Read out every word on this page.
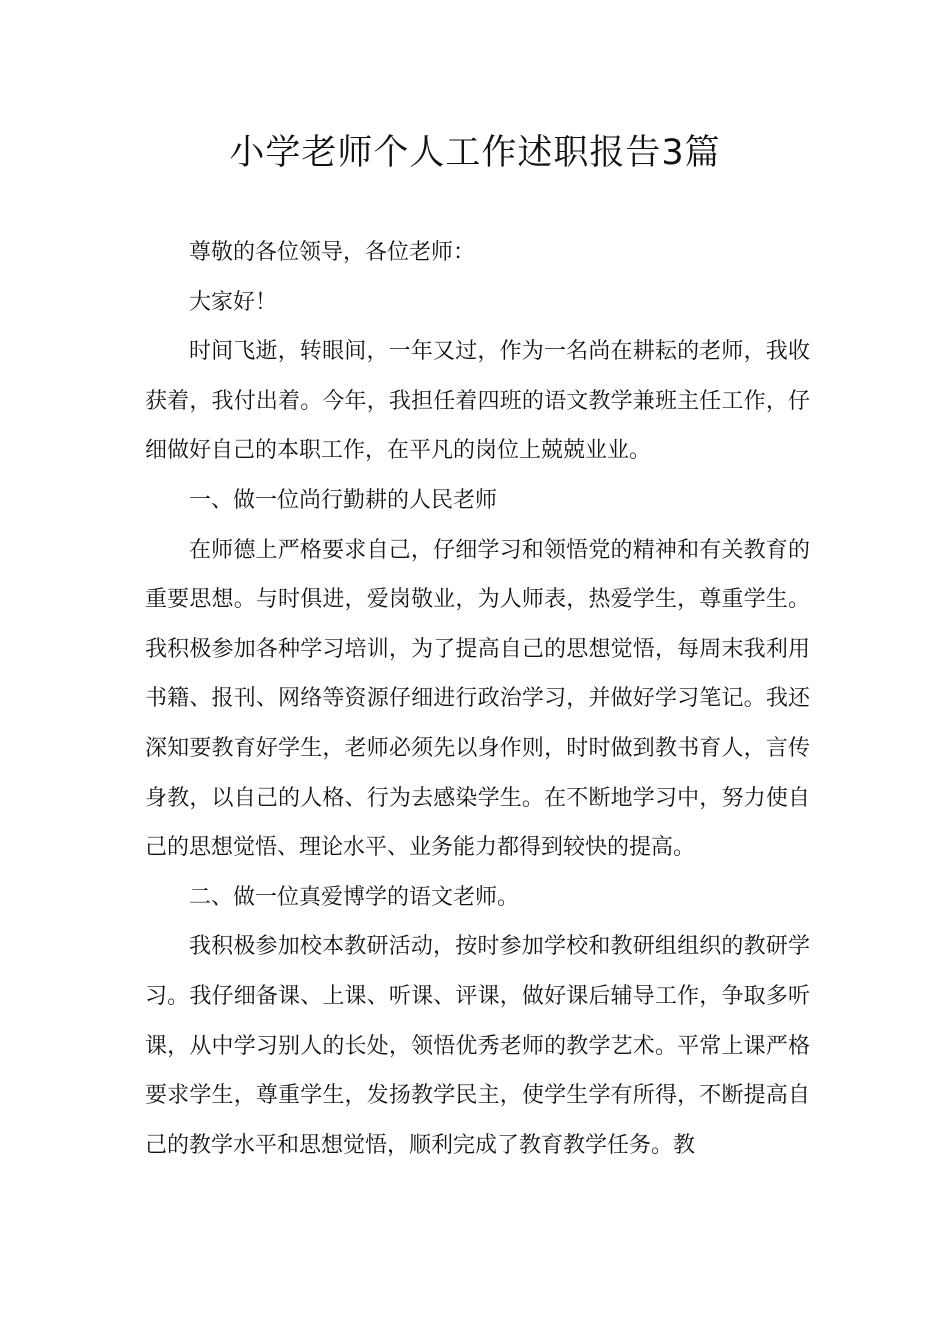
小学老师个人工作述职报告3篇

尊敬的各位领导，各位老师：

大家好！

时间飞逝，转眼间，一年又过，作为一名尚在耕耘的老师，我收获着，我付出着。今年，我担任着四班的语文教学兼班主任工作，仔细做好自己的本职工作，在平凡的岗位上兢兢业业。

一、做一位尚行勤耕的人民老师

在师德上严格要求自己，仔细学习和领悟党的精神和有关教育的重要思想。与时俱进，爱岗敬业，为人师表，热爱学生，尊重学生。我积极参加各种学习培训，为了提高自己的思想觉悟，每周末我利用书籍、报刊、网络等资源仔细进行政治学习，并做好学习笔记。我还深知要教育好学生，老师必须先以身作则，时时做到教书育人，言传身教，以自己的人格、行为去感染学生。在不断地学习中，努力使自己的思想觉悟、理论水平、业务能力都得到较快的提高。

二、做一位真爱博学的语文老师。

我积极参加校本教研活动，按时参加学校和教研组组织的教研学习。我仔细备课、上课、听课、评课，做好课后辅导工作，争取多听课，从中学习别人的长处，领悟优秀老师的教学艺术。平常上课严格要求学生，尊重学生，发扬教学民主，使学生学有所得，不断提高自己的教学水平和思想觉悟，顺利完成了教育教学任务。教
